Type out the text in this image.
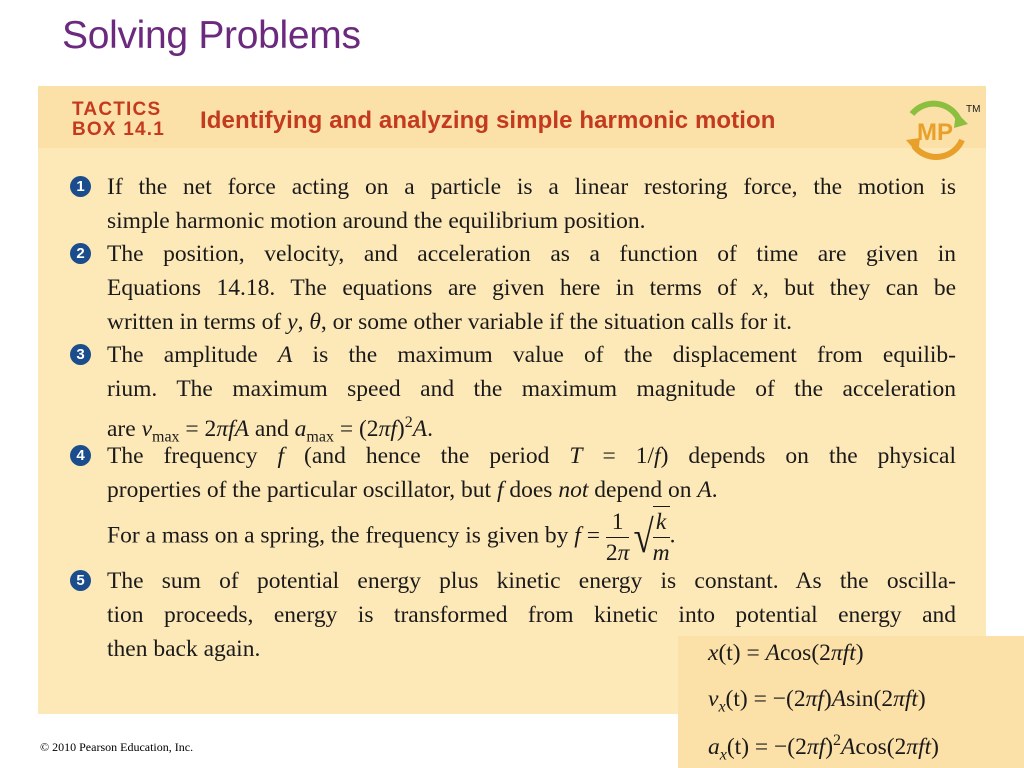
Solving Problems
TACTICS
BOX 14.1 Identifying and analyzing simple harmonic motion	MP
TM
1 If the net force acting on a particle is a linear restoring force, the motion is

simple harmonic motion around the equilibrium position.

2 The position, velocity, and acceleration as a function of time are given in

Equations 14.18. The equations are given here in terms of x, but they can be

written in terms of y, θ, or some other variable if the situation calls for it.

3 The amplitude A is the maximum value of the displacement from equilib-

rium. The maximum speed and the maximum magnitude of the acceleration

are $v_{max} = 2\pi fA$ and $a_{max} = (2\pi f)^2A$.

4 The frequency f (and hence the period T = 1/f) depends on the physical

properties of the particular oscillator, but f does not depend on A.

For a mass on a spring, the frequency is given by $f = \frac{1}{2\pi}$ √
$\frac{k}{m}$ .
5 The sum of potential energy plus kinetic energy is constant. As the oscilla-

tion proceeds, energy is transformed from kinetic into potential energy and

then back again.	x(t) = Acos(2πft)
$v_x(t) = -(2\pi f)Asin(2\pi ft)$
$a_x(t) = -(2\pi f)^2Acos(2\pi ft)$
© 2010 Pearson Education, Inc.
